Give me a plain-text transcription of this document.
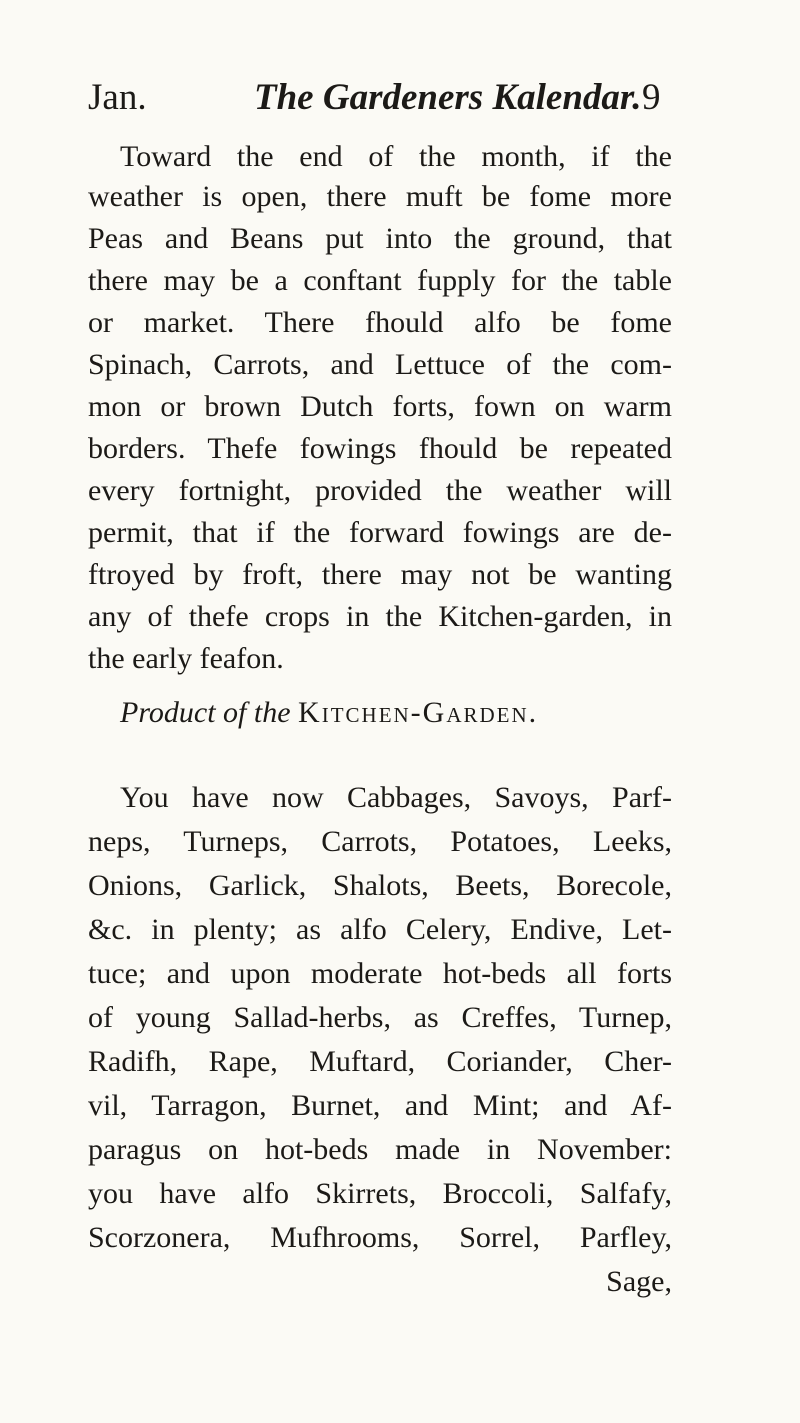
Jan.	The Gardeners Kalendar. 9
Toward the end of the month, if the
weather is open, there muft be fome more
Peas and Beans put into the ground, that
there may be a conftant fupply for the table
or market. There fhould alfo be fome
Spinach, Carrots, and Lettuce of the com-
mon or brown Dutch forts, fown on warm
borders. Thefe fowings fhould be repeated
every fortnight, provided the weather will
permit, that if the forward fowings are de-
ftroyed by froft, there may not be wanting
any of thefe crops in the Kitchen-garden, in
the early feafon.
Product of the Kitchen-Garden.
You have now Cabbages, Savoys, Parf-
neps, Turneps, Carrots, Potatoes, Leeks,
Onions, Garlick, Shalots, Beets, Borecole,
&c. in plenty; as alfo Celery, Endive, Let-
tuce; and upon moderate hot-beds all forts
of young Sallad-herbs, as Creffes, Turnep,
Radifh, Rape, Muftard, Coriander, Cher-
vil, Tarragon, Burnet, and Mint; and Af-
paragus on hot-beds made in November:
you have alfo Skirrets, Broccoli, Salfafy,
Scorzonera, Mufhrooms, Sorrel, Parfley,
Sage,
